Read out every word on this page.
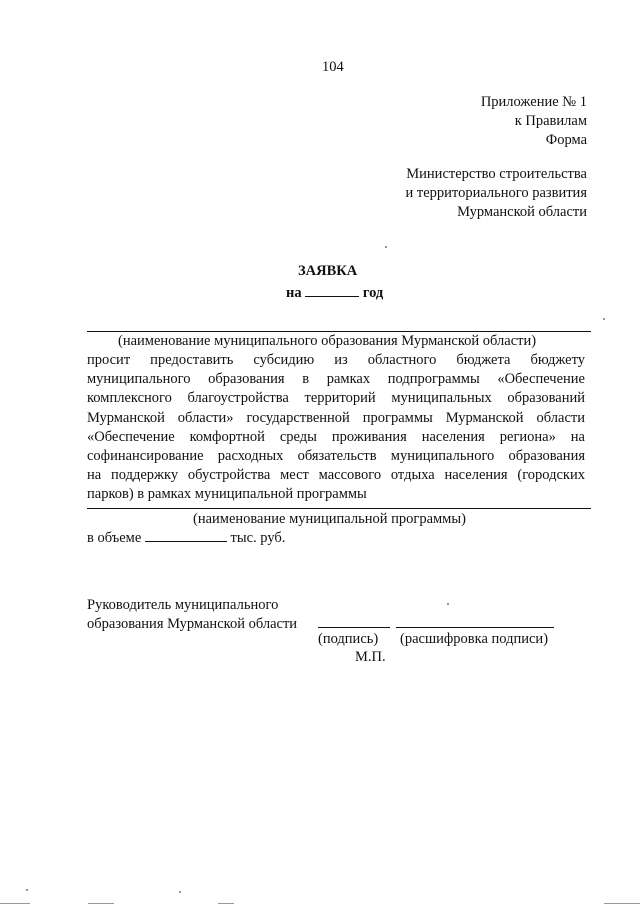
104
Приложение № 1
к Правилам
Форма
Министерство строительства
и территориального развития
Мурманской области
ЗАЯВКА
на	год
(наименование муниципального образования Мурманской области)
просит предоставить субсидию из областного бюджета бюджету
муниципального образования в рамках подпрограммы «Обеспечение
комплексного благоустройства территорий муниципальных образований
Мурманской области» государственной программы Мурманской области
«Обеспечение комфортной среды проживания населения региона» на
софинансирование расходных обязательств муниципального образования
на поддержку обустройства мест массового отдыха населения (городских
парков) в рамках муниципальной программы
(наименование муниципальной программы)
в объеме	тыс. руб.
Руководитель муниципального
образования Мурманской области
(подпись) (расшифровка подписи)
М.П.
